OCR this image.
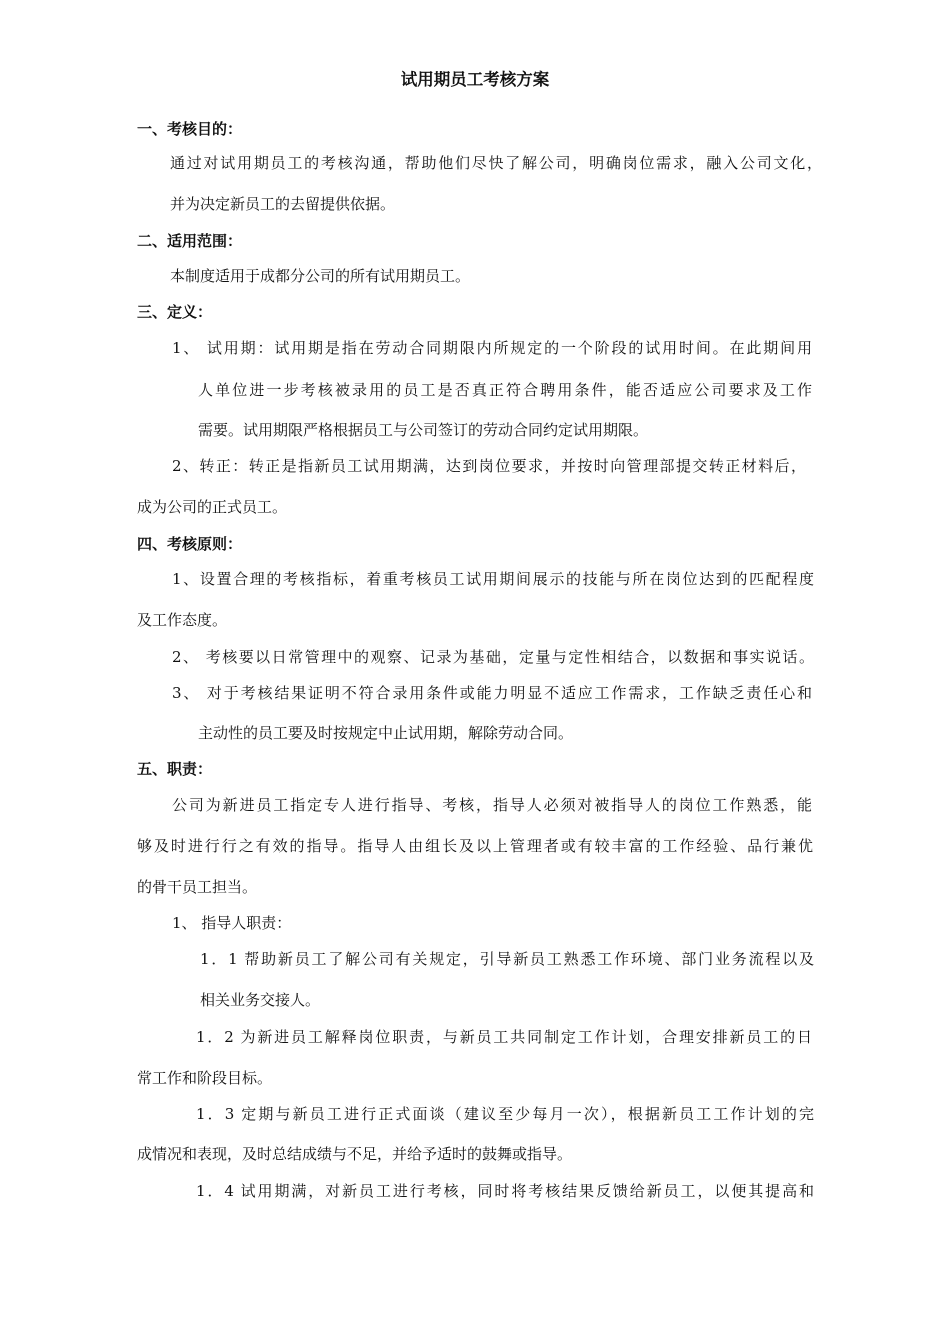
试用期员工考核方案
一、考核目的：
通过对试用期员工的考核沟通，帮助他们尽快了解公司，明确岗位需求，融入公司文化，
并为决定新员工的去留提供依据。
二、适用范围：
本制度适用于成都分公司的所有试用期员工。
三、定义：
1、 试用期：试用期是指在劳动合同期限内所规定的一个阶段的试用时间。在此期间用
人单位进一步考核被录用的员工是否真正符合聘用条件，能否适应公司要求及工作
需要。试用期限严格根据员工与公司签订的劳动合同约定试用期限。
2、转正：转正是指新员工试用期满，达到岗位要求，并按时向管理部提交转正材料后，
成为公司的正式员工。
四、考核原则：
1、设置合理的考核指标，着重考核员工试用期间展示的技能与所在岗位达到的匹配程度
及工作态度。
2、 考核要以日常管理中的观察、记录为基础，定量与定性相结合，以数据和事实说话。
3、 对于考核结果证明不符合录用条件或能力明显不适应工作需求，工作缺乏责任心和
主动性的员工要及时按规定中止试用期，解除劳动合同。
五、职责：
公司为新进员工指定专人进行指导、考核，指导人必须对被指导人的岗位工作熟悉，能
够及时进行行之有效的指导。指导人由组长及以上管理者或有较丰富的工作经验、品行兼优
的骨干员工担当。
1、 指导人职责：
1．1 帮助新员工了解公司有关规定，引导新员工熟悉工作环境、部门业务流程以及
相关业务交接人。
1．2 为新进员工解释岗位职责，与新员工共同制定工作计划，合理安排新员工的日
常工作和阶段目标。
1．3 定期与新员工进行正式面谈（建议至少每月一次），根据新员工工作计划的完
成情况和表现，及时总结成绩与不足，并给予适时的鼓舞或指导。
1．4 试用期满，对新员工进行考核，同时将考核结果反馈给新员工，以便其提高和
